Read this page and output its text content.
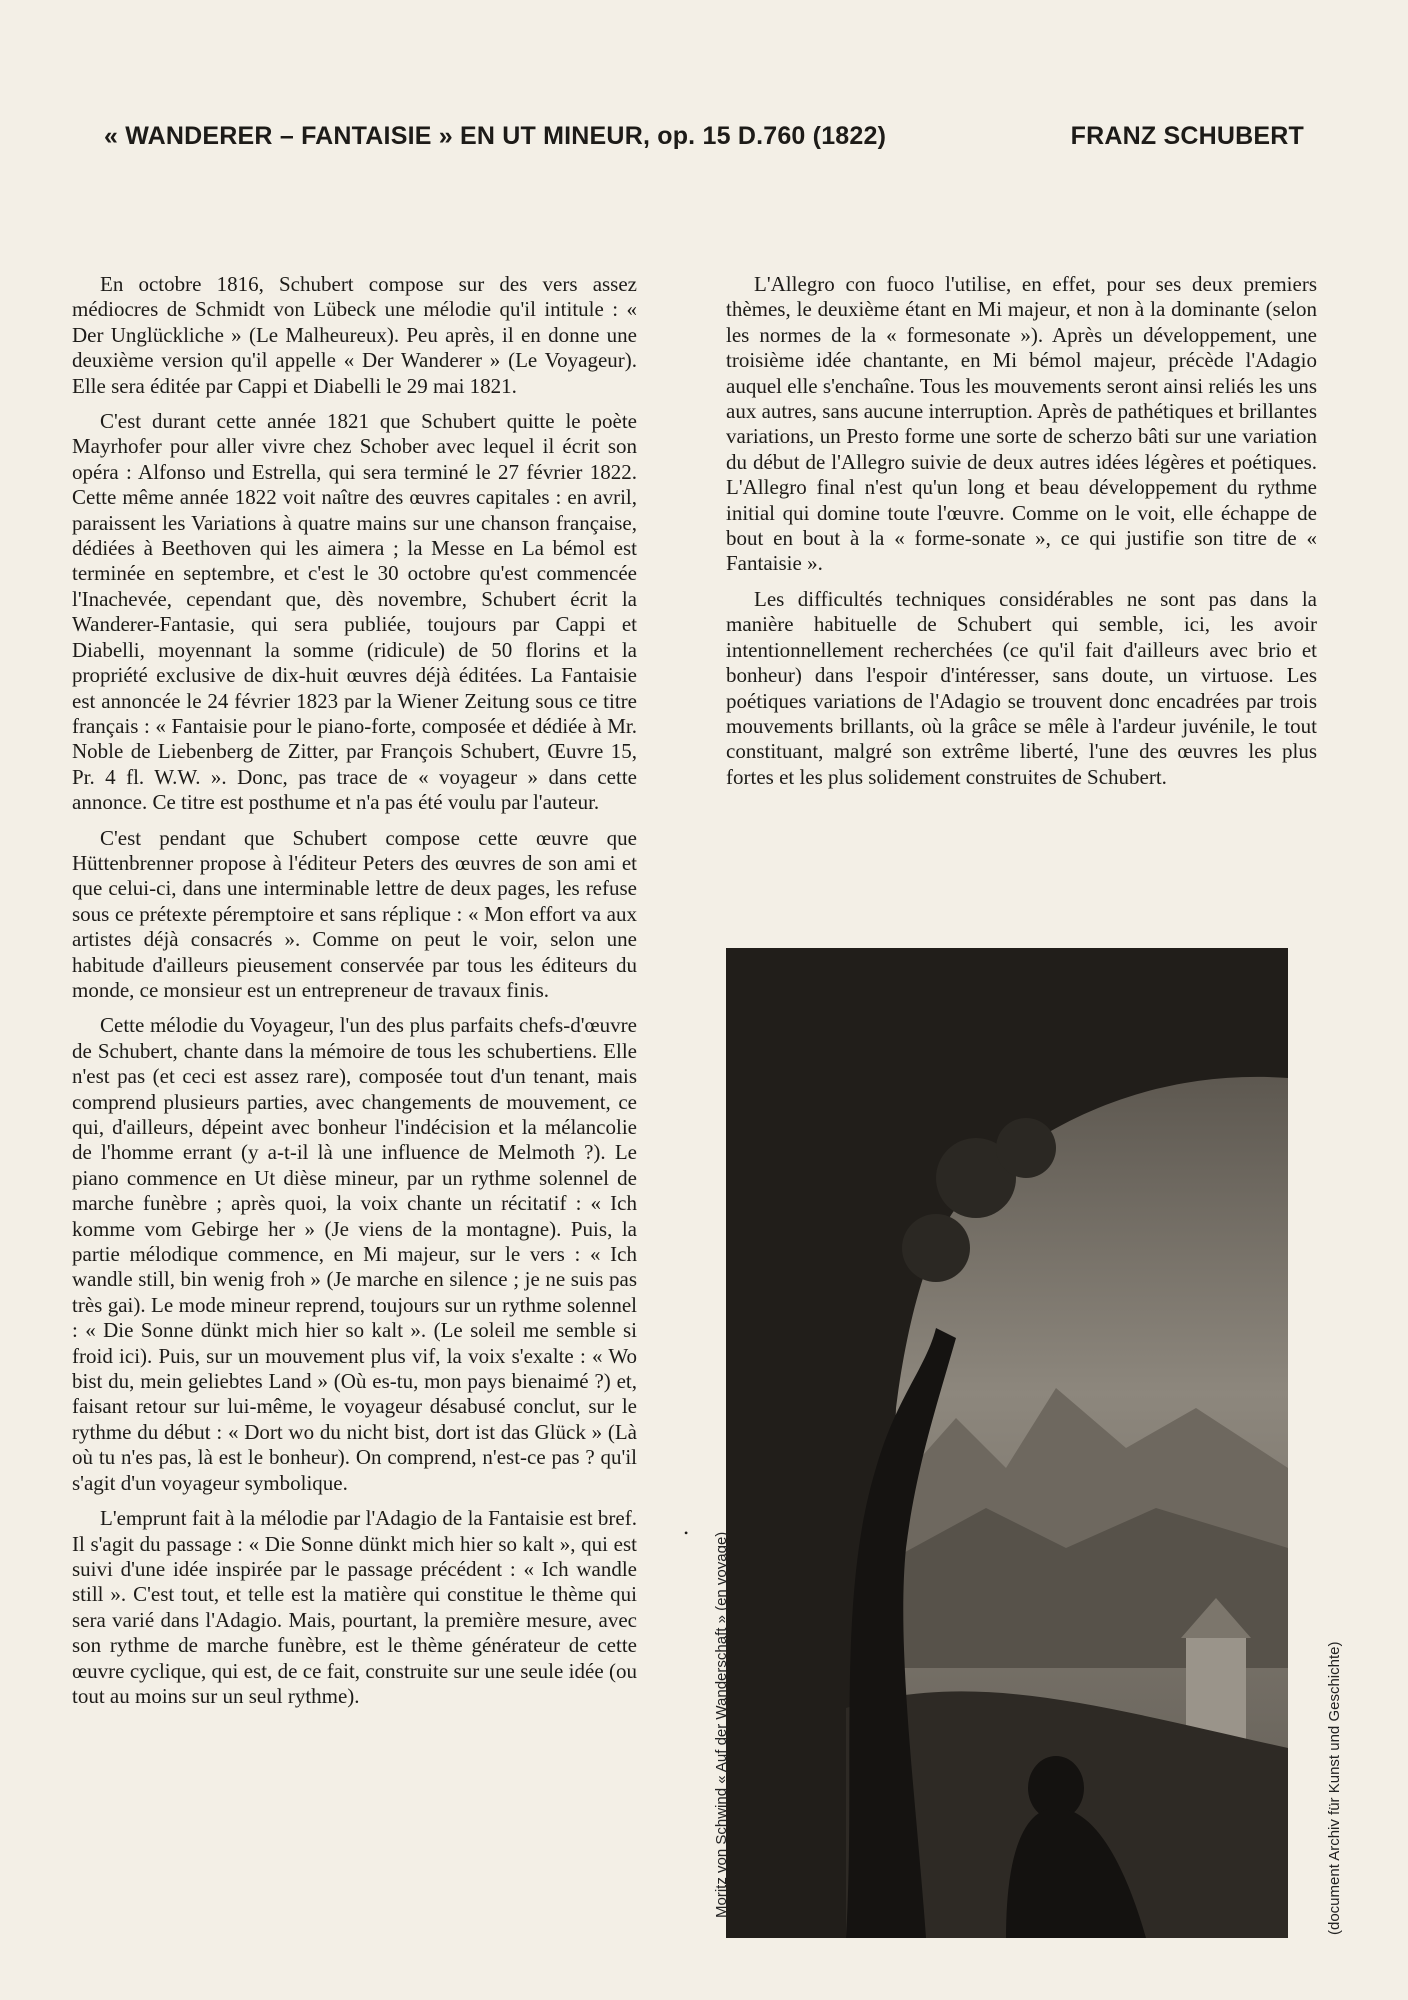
« WANDERER – FANTAISIE » EN UT MINEUR, op. 15 D.760 (1822)	FRANZ SCHUBERT

En octobre 1816, Schubert compose sur des vers assez médiocres de Schmidt von Lübeck une mélodie qu'il intitule : « Der Unglückliche » (Le Malheureux). Peu après, il en donne une deuxième version qu'il appelle « Der Wanderer » (Le Voyageur). Elle sera éditée par Cappi et Diabelli le 29 mai 1821.

C'est durant cette année 1821 que Schubert quitte le poète Mayrhofer pour aller vivre chez Schober avec lequel il écrit son opéra : Alfonso und Estrella, qui sera terminé le 27 février 1822. Cette même année 1822 voit naître des œuvres capitales : en avril, paraissent les Variations à quatre mains sur une chanson française, dédiées à Beethoven qui les aimera ; la Messe en La bémol est terminée en septembre, et c'est le 30 octobre qu'est commencée l'Inachevée, cependant que, dès novembre, Schubert écrit la Wanderer-Fantasie, qui sera publiée, toujours par Cappi et Diabelli, moyennant la somme (ridicule) de 50 florins et la propriété exclusive de dix-huit œuvres déjà éditées. La Fantaisie est annoncée le 24 février 1823 par la Wiener Zeitung sous ce titre français : « Fantaisie pour le piano-forte, composée et dédiée à Mr. Noble de Liebenberg de Zitter, par François Schubert, Œuvre 15, Pr. 4 fl. W.W. ». Donc, pas trace de « voyageur » dans cette annonce. Ce titre est posthume et n'a pas été voulu par l'auteur.

C'est pendant que Schubert compose cette œuvre que Hüttenbrenner propose à l'éditeur Peters des œuvres de son ami et que celui-ci, dans une interminable lettre de deux pages, les refuse sous ce prétexte péremptoire et sans réplique : « Mon effort va aux artistes déjà consacrés ». Comme on peut le voir, selon une habitude d'ailleurs pieusement conservée par tous les éditeurs du monde, ce monsieur est un entrepreneur de travaux finis.

Cette mélodie du Voyageur, l'un des plus parfaits chefs-d'œuvre de Schubert, chante dans la mémoire de tous les schubertiens. Elle n'est pas (et ceci est assez rare), composée tout d'un tenant, mais comprend plusieurs parties, avec changements de mouvement, ce qui, d'ailleurs, dépeint avec bonheur l'indécision et la mélancolie de l'homme errant (y a-t-il là une influence de Melmoth ?). Le piano commence en Ut dièse mineur, par un rythme solennel de marche funèbre ; après quoi, la voix chante un récitatif : « Ich komme vom Gebirge her » (Je viens de la montagne). Puis, la partie mélodique commence, en Mi majeur, sur le vers : « Ich wandle still, bin wenig froh » (Je marche en silence ; je ne suis pas très gai). Le mode mineur reprend, toujours sur un rythme solennel : « Die Sonne dünkt mich hier so kalt ». (Le soleil me semble si froid ici). Puis, sur un mouvement plus vif, la voix s'exalte : « Wo bist du, mein geliebtes Land » (Où es-tu, mon pays bienaimé ?) et, faisant retour sur lui-même, le voyageur désabusé conclut, sur le rythme du début : « Dort wo du nicht bist, dort ist das Glück » (Là où tu n'es pas, là est le bonheur). On comprend, n'est-ce pas ? qu'il s'agit d'un voyageur symbolique.

L'emprunt fait à la mélodie par l'Adagio de la Fantaisie est bref. Il s'agit du passage : « Die Sonne dünkt mich hier so kalt », qui est suivi d'une idée inspirée par le passage précédent : « Ich wandle still ». C'est tout, et telle est la matière qui constitue le thème qui sera varié dans l'Adagio. Mais, pourtant, la première mesure, avec son rythme de marche funèbre, est le thème générateur de cette œuvre cyclique, qui est, de ce fait, construite sur une seule idée (ou tout au moins sur un seul rythme).

L'Allegro con fuoco l'utilise, en effet, pour ses deux premiers thèmes, le deuxième étant en Mi majeur, et non à la dominante (selon les normes de la « formesonate »). Après un développement, une troisième idée chantante, en Mi bémol majeur, précède l'Adagio auquel elle s'enchaîne. Tous les mouvements seront ainsi reliés les uns aux autres, sans aucune interruption. Après de pathétiques et brillantes variations, un Presto forme une sorte de scherzo bâti sur une variation du début de l'Allegro suivie de deux autres idées légères et poétiques. L'Allegro final n'est qu'un long et beau développement du rythme initial qui domine toute l'œuvre. Comme on le voit, elle échappe de bout en bout à la « forme-sonate », ce qui justifie son titre de « Fantaisie ».

Les difficultés techniques considérables ne sont pas dans la manière habituelle de Schubert qui semble, ici, les avoir intentionnellement recherchées (ce qu'il fait d'ailleurs avec brio et bonheur) dans l'espoir d'intéresser, sans doute, un virtuose. Les poétiques variations de l'Adagio se trouvent donc encadrées par trois mouvements brillants, où la grâce se mêle à l'ardeur juvénile, le tout constituant, malgré son extrême liberté, l'une des œuvres les plus fortes et les plus solidement construites de Schubert.

• Moritz von Schwind « Auf der Wanderschaft » (en voyage)	(document Archiv für Kunst und Geschichte)
